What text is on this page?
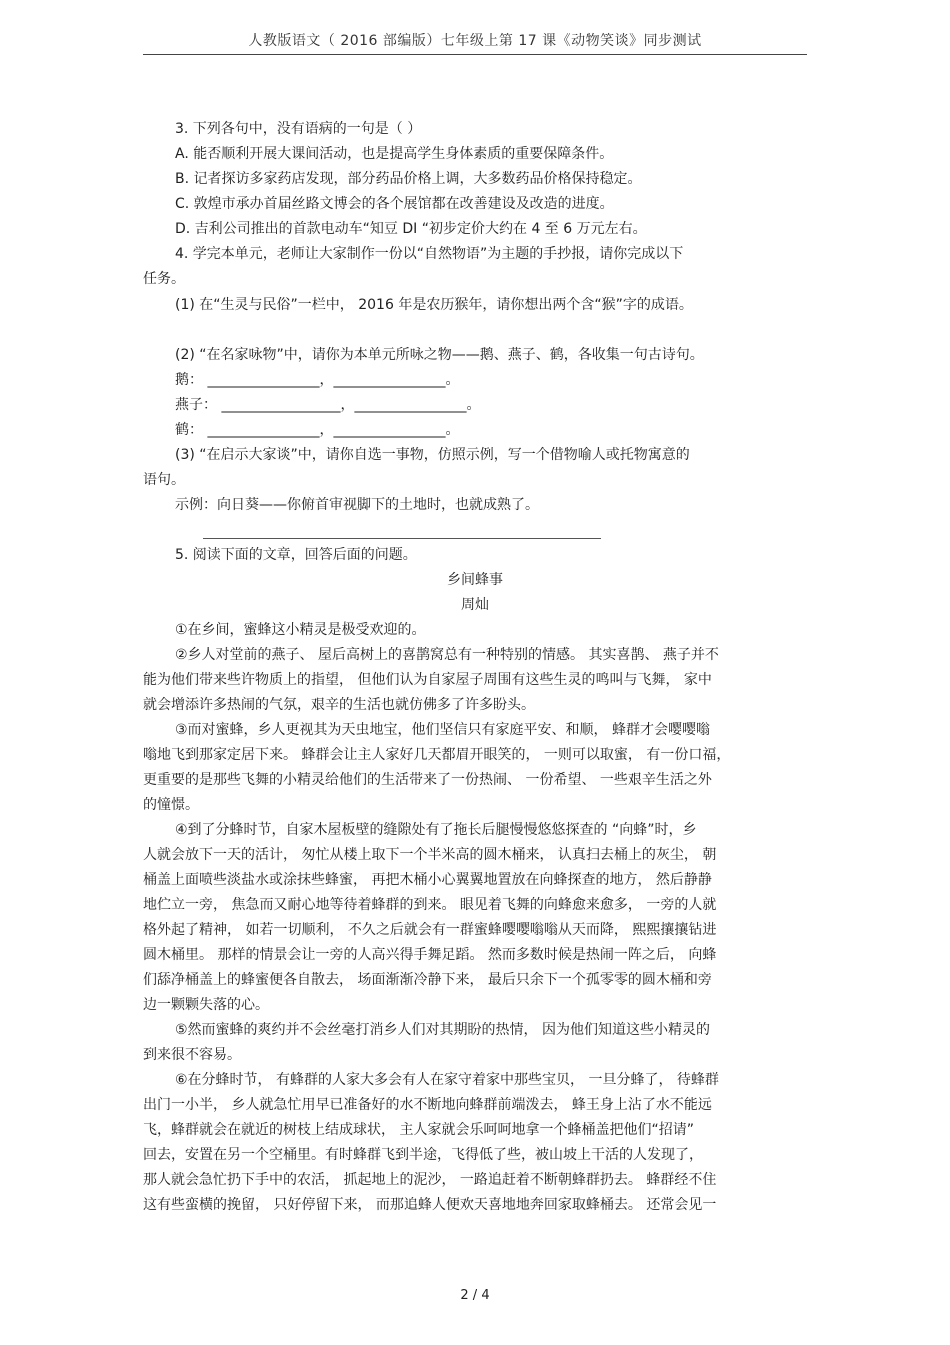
人教版语文（ 2016 部编版）七年级上第 17 课《动物笑谈》同步测试
3. 下列各句中，没有语病的一句是（ ）
A. 能否顺利开展大课间活动，也是提高学生身体素质的重要保障条件。
B. 记者探访多家药店发现，部分药品价格上调，大多数药品价格保持稳定。
C. 敦煌市承办首届丝路文博会的各个展馆都在改善建设及改造的进度。
D. 吉利公司推出的首款电动车“知豆 DI “初步定价大约在 4 至 6 万元左右。
4. 学完本单元，老师让大家制作一份以“自然物语”为主题的手抄报，请你完成以下
任务。
(1) 在“生灵与民俗”一栏中， 2016 年是农历猴年，请你想出两个含“猴”字的成语。
(2) “在名家咏物”中，请你为本单元所咏之物——鹅、燕子、鹤，各收集一句古诗句。
鹅： ________________，________________。
燕子： _________________，________________。
鹤： ________________，________________。
(3) “在启示大家谈”中，请你自选一事物，仿照示例，写一个借物喻人或托物寓意的
语句。
示例：向日葵——你俯首审视脚下的土地时，也就成熟了。
5. 阅读下面的文章，回答后面的问题。
乡间蜂事
周灿
①在乡间，蜜蜂这小精灵是极受欢迎的。
②乡人对堂前的燕子、 屋后高树上的喜鹊窝总有一种特别的情感。 其实喜鹊、 燕子并不
能为他们带来些许物质上的指望， 但他们认为自家屋子周围有这些生灵的鸣叫与飞舞， 家中
就会增添许多热闹的气氛，艰辛的生活也就仿佛多了许多盼头。
③而对蜜蜂，乡人更视其为天虫地宝，他们坚信只有家庭平安、和顺， 蜂群才会嘤嘤嗡
嗡地飞到那家定居下来。 蜂群会让主人家好几天都眉开眼笑的， 一则可以取蜜， 有一份口福，
更重要的是那些飞舞的小精灵给他们的生活带来了一份热闹、 一份希望、 一些艰辛生活之外
的憧憬。
④到了分蜂时节，自家木屋板壁的缝隙处有了拖长后腿慢慢悠悠探查的 “向蜂”时，乡
人就会放下一天的活计， 匆忙从楼上取下一个半米高的圆木桶来， 认真扫去桶上的灰尘， 朝
桶盖上面喷些淡盐水或涂抹些蜂蜜， 再把木桶小心翼翼地置放在向蜂探查的地方， 然后静静
地伫立一旁， 焦急而又耐心地等待着蜂群的到来。 眼见着飞舞的向蜂愈来愈多， 一旁的人就
格外起了精神， 如若一切顺利， 不久之后就会有一群蜜蜂嘤嘤嗡嗡从天而降， 熙熙攘攘钻进
圆木桶里。 那样的情景会让一旁的人高兴得手舞足蹈。 然而多数时候是热闹一阵之后， 向蜂
们舔净桶盖上的蜂蜜便各自散去， 场面渐渐冷静下来， 最后只余下一个孤零零的圆木桶和旁
边一颗颗失落的心。
⑤然而蜜蜂的爽约并不会丝毫打消乡人们对其期盼的热情， 因为他们知道这些小精灵的
到来很不容易。
⑥在分蜂时节， 有蜂群的人家大多会有人在家守着家中那些宝贝， 一旦分蜂了， 待蜂群
出门一小半， 乡人就急忙用早已准备好的水不断地向蜂群前端泼去， 蜂王身上沾了水不能远
飞，蜂群就会在就近的树枝上结成球状， 主人家就会乐呵呵地拿一个蜂桶盖把他们“招请”
回去，安置在另一个空桶里。有时蜂群飞到半途，飞得低了些，被山坡上干活的人发现了，
那人就会急忙扔下手中的农活， 抓起地上的泥沙， 一路追赶着不断朝蜂群扔去。 蜂群经不住
这有些蛮横的挽留， 只好停留下来， 而那追蜂人便欢天喜地地奔回家取蜂桶去。 还常会见一
2 / 4
